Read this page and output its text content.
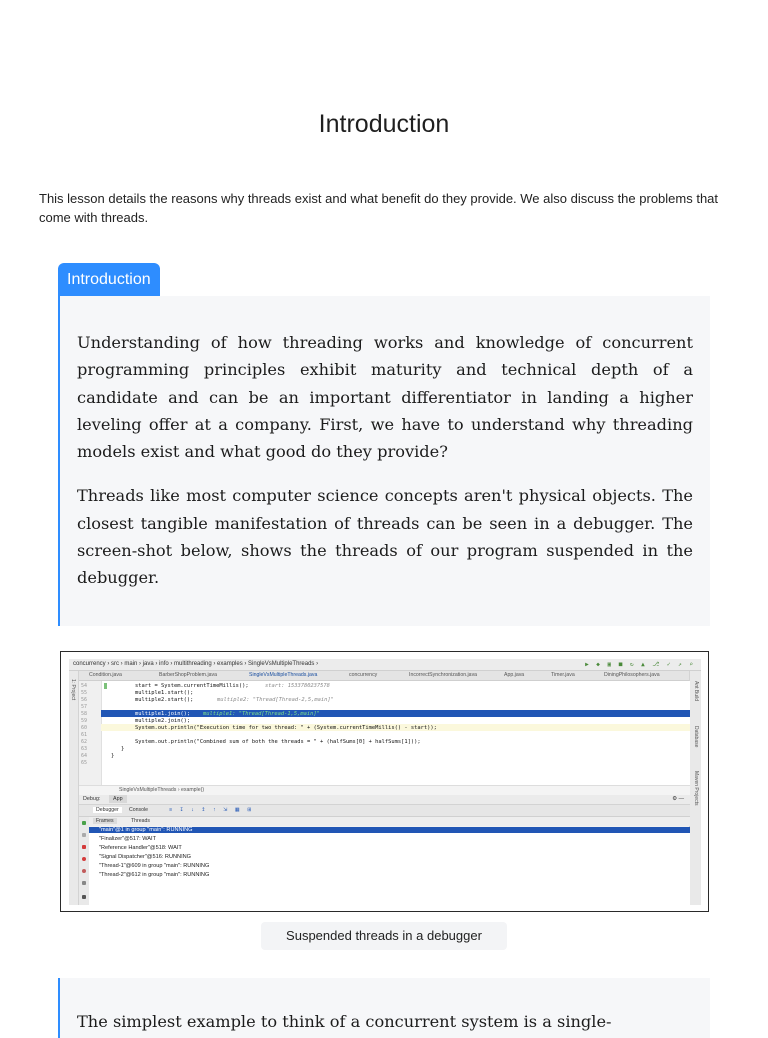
Introduction

This lesson details the reasons why threads exist and what benefit do they provide. We also discuss the problems that come with threads.

Introduction

Understanding of how threading works and knowledge of concurrent programming principles exhibit maturity and technical depth of a candidate and can be an important differentiator in landing a higher leveling offer at a company. First, we have to understand why threading models exist and what good do they provide?

Threads like most computer science concepts aren't physical objects. The closest tangible manifestation of threads can be seen in a debugger. The screen-shot below, shows the threads of our program suspended in the debugger.

concurrency › src › main › java › info › multithreading › examples › SingleVsMultipleThreads ›	▶ ◆ ▣ ■ ↻ ▲ ⎇ ✓ ↗ ⌕
Condition.java	BarberShopProblem.java	SingleVsMultipleThreads.java	concurrency	IncorrectSynchronization.java	App.java	Timer.java	DiningPhilosophers.java
1: Project	Ant Build
Database
Maven Projects
54
55
56
57
58
59
60
61
62
63
64
65
start = System.currentTimeMillis();	start: 1533780237578
multiple1.start();
multiple2.start();	multiple2: "Thread[Thread-2,5,main]"
multiple1.join(); multiple1: "Thread[Thread-1,5,main]"
multiple2.join();
System.out.println("Execution time for two thread: " + (System.currentTimeMillis() - start));
System.out.println("Combined sum of both the threads = " + (halfSums[0] + halfSums[1]));
}
}
SingleVsMultipleThreads › example()
Debug:	App	⚙ —
Debugger	Console	≡ ↧ ↓ ↥ ↑ ⇲ ▦ ⊞
Frames	Threads
"main"@1 in group "main": RUNNING
"Finalizer"@517: WAIT
"Reference Handler"@518: WAIT
"Signal Dispatcher"@516: RUNNING
"Thread-1"@609 in group "main": RUNNING
"Thread-2"@612 in group "main": RUNNING
Suspended threads in a debugger

The simplest example to think of a concurrent system is a single-
